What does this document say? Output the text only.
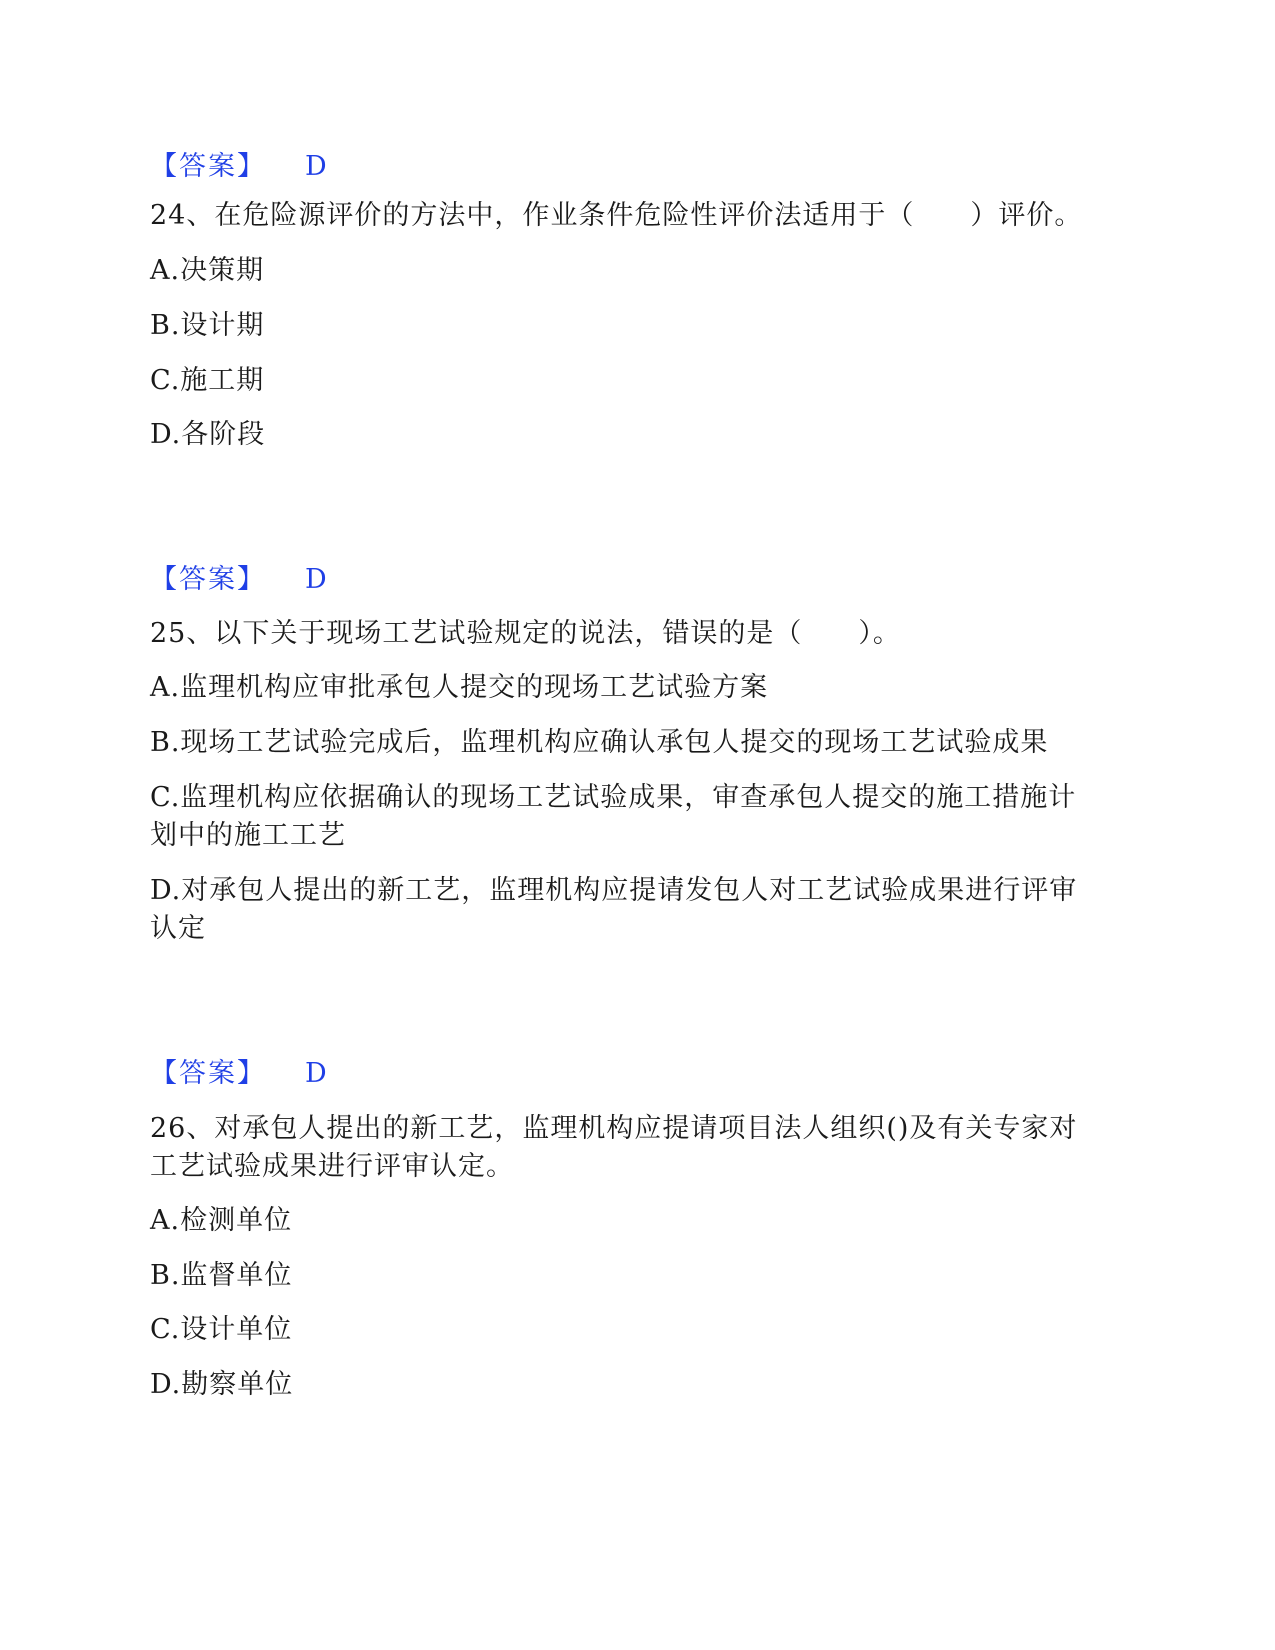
【答案】 D
24、在危险源评价的方法中，作业条件危险性评价法适用于（　　）评价。
A.决策期
B.设计期
C.施工期
D.各阶段
【答案】 D
25、以下关于现场工艺试验规定的说法，错误的是（　　）。
A.监理机构应审批承包人提交的现场工艺试验方案
B.现场工艺试验完成后，监理机构应确认承包人提交的现场工艺试验成果
C.监理机构应依据确认的现场工艺试验成果，审查承包人提交的施工措施计
划中的施工工艺
D.对承包人提出的新工艺，监理机构应提请发包人对工艺试验成果进行评审
认定
【答案】 D
26、对承包人提出的新工艺，监理机构应提请项目法人组织()及有关专家对
工艺试验成果进行评审认定。
A.检测单位
B.监督单位
C.设计单位
D.勘察单位
